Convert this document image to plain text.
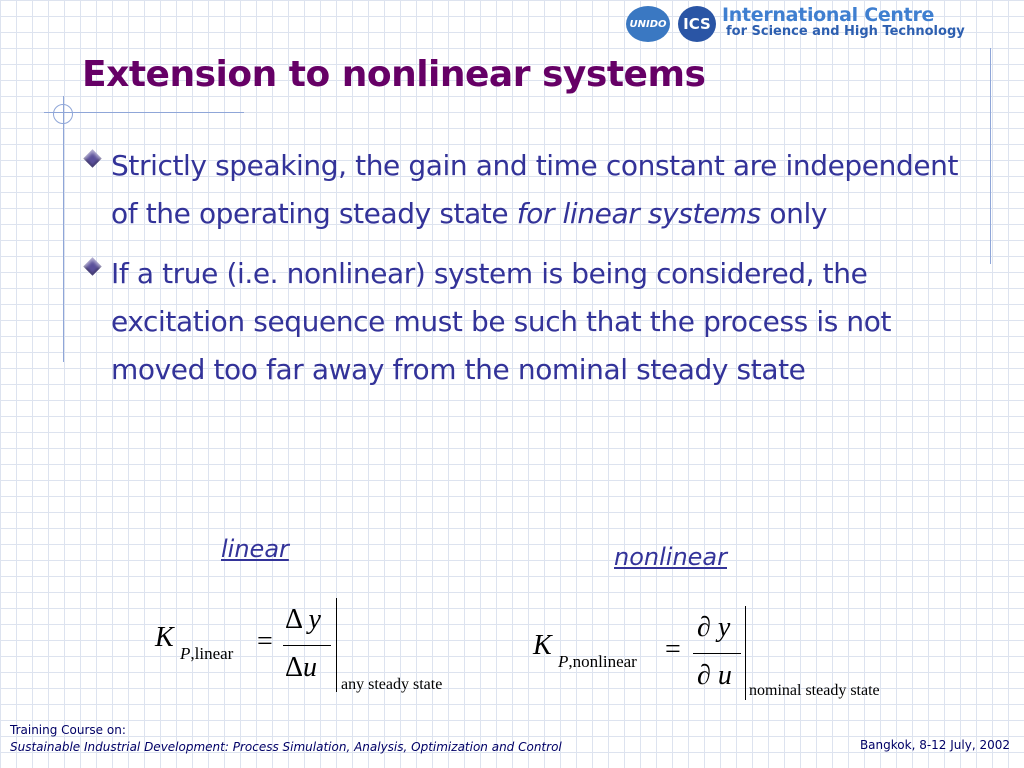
UNIDO ICS International Centre
for Science and High Technology
Extension to nonlinear systems
Strictly speaking, the gain and time constant are independent of the operating steady state for linear systems only
If a true (i.e. nonlinear) system is being considered, the excitation sequence must be such that the process is not moved too far away from the nominal steady state
linear	nonlinear
K
P,linear =
Δ y
Δu
any steady state
K
P,nonlinear =
∂ y
∂ u nominal steady state
Training Course on:
Sustainable Industrial Development: Process Simulation, Analysis, Optimization and Control	Bangkok, 8-12 July, 2002
